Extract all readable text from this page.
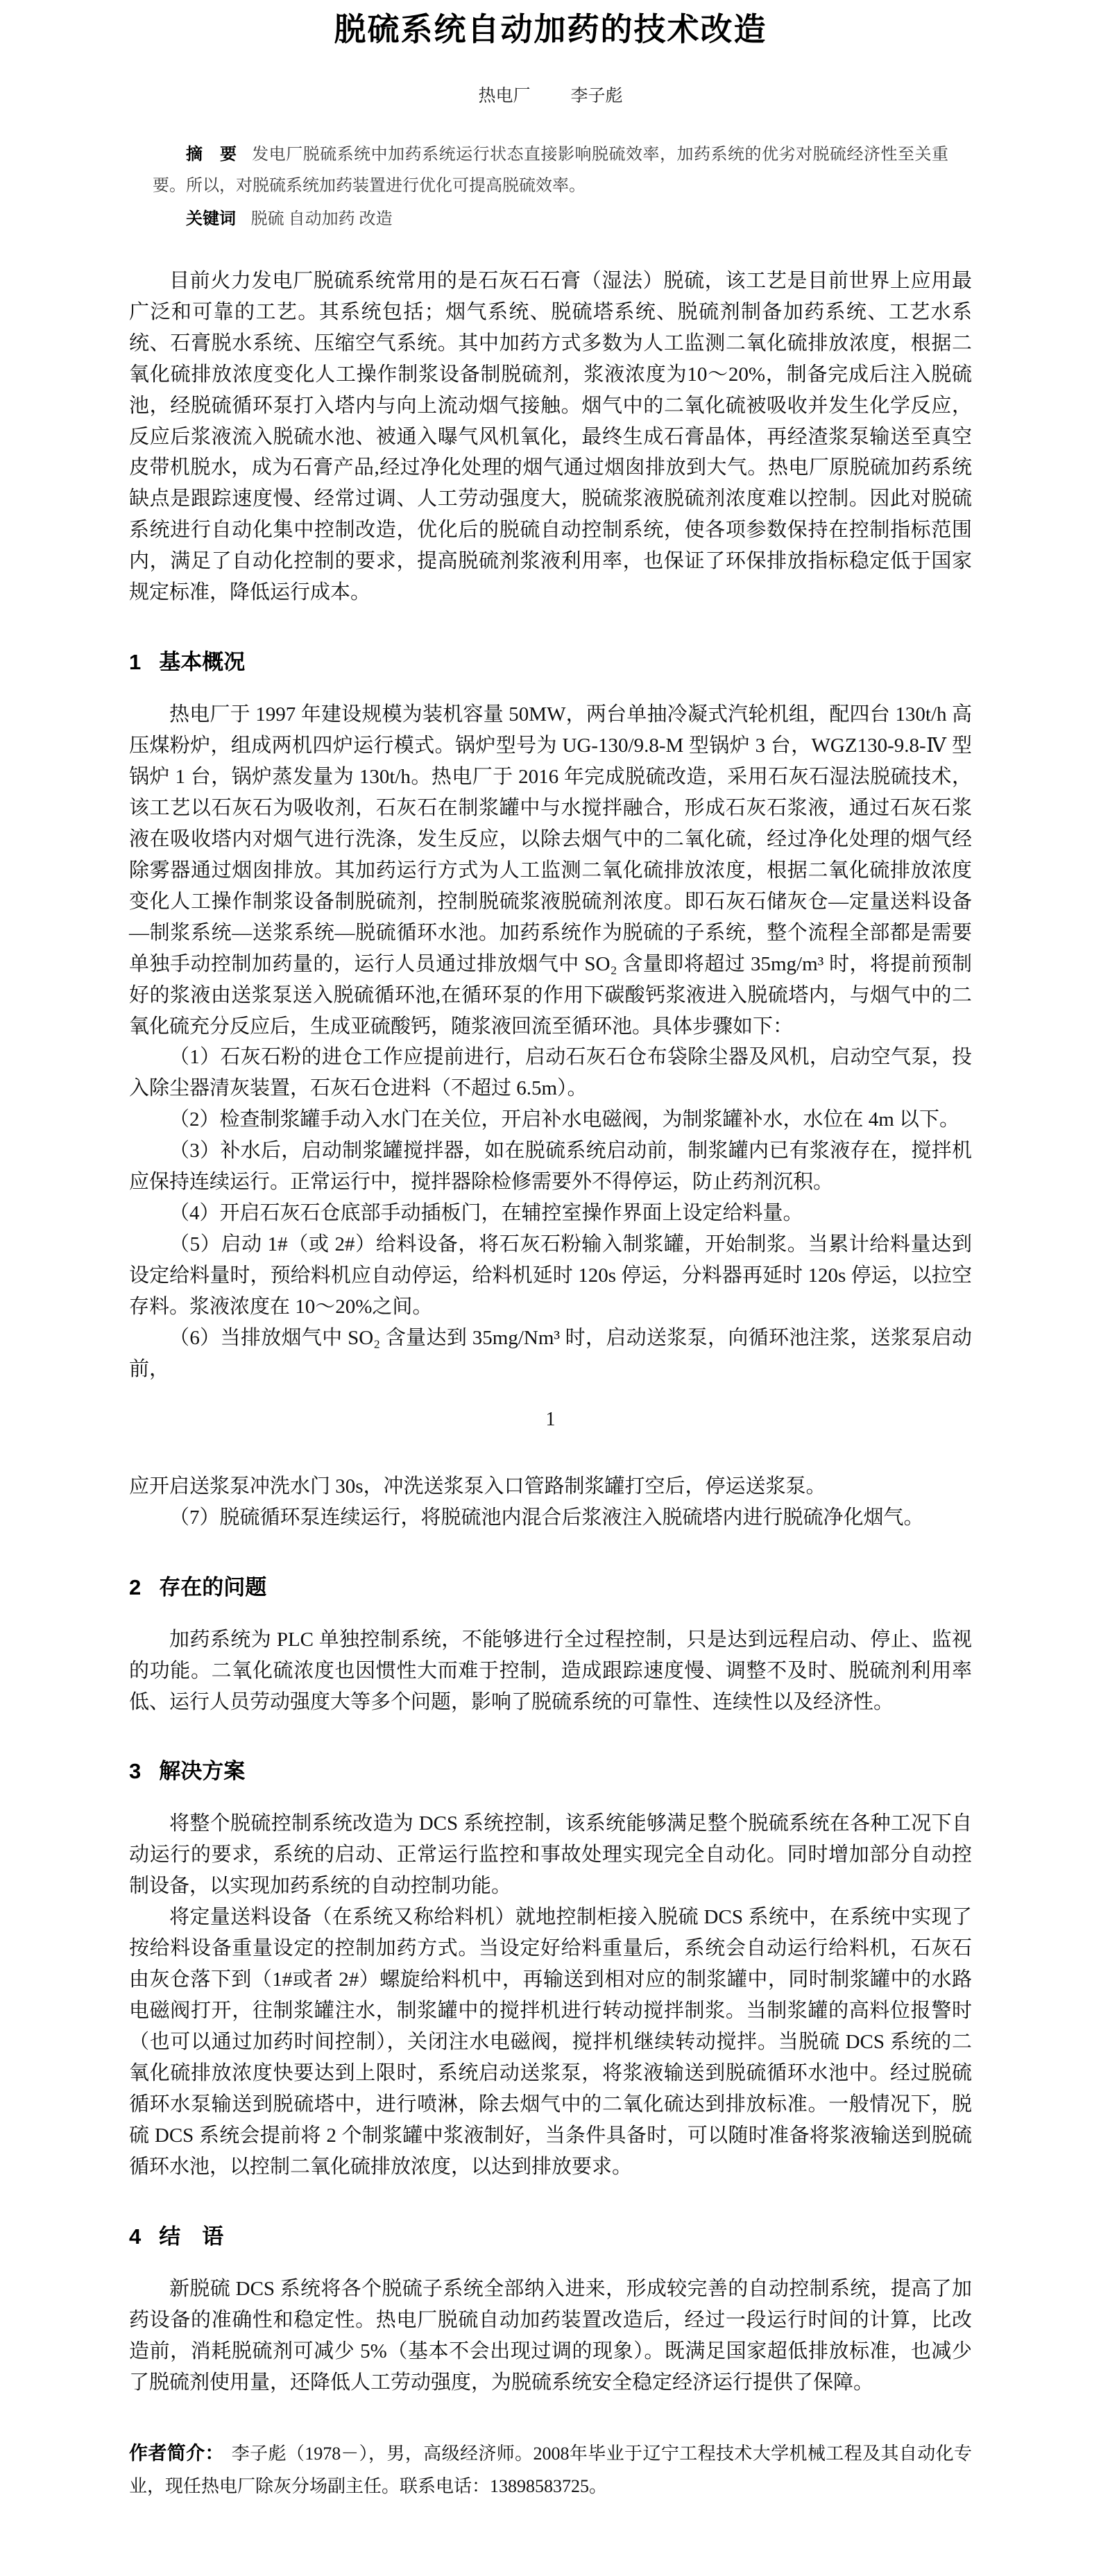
脱硫系统自动加药的技术改造
热电厂 李子彪

摘　要 发电厂脱硫系统中加药系统运行状态直接影响脱硫效率，加药系统的优劣对脱硫经济性至关重要。所以，对脱硫系统加药装置进行优化可提高脱硫效率。

关键词 脱硫 自动加药 改造

目前火力发电厂脱硫系统常用的是石灰石石膏（湿法）脱硫，该工艺是目前世界上应用最广泛和可靠的工艺。其系统包括；烟气系统、脱硫塔系统、脱硫剂制备加药系统、工艺水系统、石膏脱水系统、压缩空气系统。其中加药方式多数为人工监测二氧化硫排放浓度，根据二氧化硫排放浓度变化人工操作制浆设备制脱硫剂，浆液浓度为10～20%，制备完成后注入脱硫池，经脱硫循环泵打入塔内与向上流动烟气接触。烟气中的二氧化硫被吸收并发生化学反应，反应后浆液流入脱硫水池、被通入曝气风机氧化，最终生成石膏晶体，再经渣浆泵输送至真空皮带机脱水，成为石膏产品,经过净化处理的烟气通过烟囱排放到大气。热电厂原脱硫加药系统缺点是跟踪速度慢、经常过调、人工劳动强度大，脱硫浆液脱硫剂浓度难以控制。因此对脱硫系统进行自动化集中控制改造，优化后的脱硫自动控制系统，使各项参数保持在控制指标范围内，满足了自动化控制的要求，提高脱硫剂浆液利用率，也保证了环保排放指标稳定低于国家规定标准，降低运行成本。

1 基本概况

热电厂于 1997 年建设规模为装机容量 50MW，两台单抽冷凝式汽轮机组，配四台 130t/h 高压煤粉炉，组成两机四炉运行模式。锅炉型号为 UG-130/9.8-M 型锅炉 3 台，WGZ130-9.8-Ⅳ 型锅炉 1 台，锅炉蒸发量为 130t/h。热电厂于 2016 年完成脱硫改造，采用石灰石湿法脱硫技术，该工艺以石灰石为吸收剂，石灰石在制浆罐中与水搅拌融合，形成石灰石浆液，通过石灰石浆液在吸收塔内对烟气进行洗涤，发生反应，以除去烟气中的二氧化硫，经过净化处理的烟气经除雾器通过烟囱排放。其加药运行方式为人工监测二氧化硫排放浓度，根据二氧化硫排放浓度变化人工操作制浆设备制脱硫剂，控制脱硫浆液脱硫剂浓度。即石灰石储灰仓—定量送料设备—制浆系统—送浆系统—脱硫循环水池。加药系统作为脱硫的子系统，整个流程全部都是需要单独手动控制加药量的，运行人员通过排放烟气中 SO₂ 含量即将超过 35mg/m³ 时，将提前预制好的浆液由送浆泵送入脱硫循环池,在循环泵的作用下碳酸钙浆液进入脱硫塔内，与烟气中的二氧化硫充分反应后，生成亚硫酸钙，随浆液回流至循环池。具体步骤如下：

（1）石灰石粉的进仓工作应提前进行，启动石灰石仓布袋除尘器及风机，启动空气泵，投入除尘器清灰装置，石灰石仓进料（不超过 6.5m）。

（2）检查制浆罐手动入水门在关位，开启补水电磁阀，为制浆罐补水，水位在 4m 以下。

（3）补水后，启动制浆罐搅拌器，如在脱硫系统启动前，制浆罐内已有浆液存在，搅拌机应保持连续运行。正常运行中，搅拌器除检修需要外不得停运，防止药剂沉积。

（4）开启石灰石仓底部手动插板门，在辅控室操作界面上设定给料量。

（5）启动 1#（或 2#）给料设备，将石灰石粉输入制浆罐，开始制浆。当累计给料量达到设定给料量时，预给料机应自动停运，给料机延时 120s 停运，分料器再延时 120s 停运，以拉空存料。浆液浓度在 10～20%之间。

（6）当排放烟气中 SO₂ 含量达到 35mg/Nm³ 时，启动送浆泵，向循环池注浆，送浆泵启动前，

1

应开启送浆泵冲洗水门 30s，冲洗送浆泵入口管路制浆罐打空后，停运送浆泵。

（7）脱硫循环泵连续运行，将脱硫池内混合后浆液注入脱硫塔内进行脱硫净化烟气。

2 存在的问题

加药系统为 PLC 单独控制系统，不能够进行全过程控制，只是达到远程启动、停止、监视的功能。二氧化硫浓度也因惯性大而难于控制，造成跟踪速度慢、调整不及时、脱硫剂利用率低、运行人员劳动强度大等多个问题，影响了脱硫系统的可靠性、连续性以及经济性。

3 解决方案

将整个脱硫控制系统改造为 DCS 系统控制，该系统能够满足整个脱硫系统在各种工况下自动运行的要求，系统的启动、正常运行监控和事故处理实现完全自动化。同时增加部分自动控制设备，以实现加药系统的自动控制功能。

将定量送料设备（在系统又称给料机）就地控制柜接入脱硫 DCS 系统中，在系统中实现了按给料设备重量设定的控制加药方式。当设定好给料重量后，系统会自动运行给料机，石灰石由灰仓落下到（1#或者 2#）螺旋给料机中，再输送到相对应的制浆罐中，同时制浆罐中的水路电磁阀打开，往制浆罐注水，制浆罐中的搅拌机进行转动搅拌制浆。当制浆罐的高料位报警时（也可以通过加药时间控制），关闭注水电磁阀，搅拌机继续转动搅拌。当脱硫 DCS 系统的二氧化硫排放浓度快要达到上限时，系统启动送浆泵，将浆液输送到脱硫循环水池中。经过脱硫循环水泵输送到脱硫塔中，进行喷淋，除去烟气中的二氧化硫达到排放标准。一般情况下，脱硫 DCS 系统会提前将 2 个制浆罐中浆液制好，当条件具备时，可以随时准备将浆液输送到脱硫循环水池，以控制二氧化硫排放浓度，以达到排放要求。

4 结　语

新脱硫 DCS 系统将各个脱硫子系统全部纳入进来，形成较完善的自动控制系统，提高了加药设备的准确性和稳定性。热电厂脱硫自动加药装置改造后，经过一段运行时间的计算，比改造前，消耗脱硫剂可减少 5%（基本不会出现过调的现象）。既满足国家超低排放标准，也减少了脱硫剂使用量，还降低人工劳动强度，为脱硫系统安全稳定经济运行提供了保障。

作者简介： 李子彪（1978－），男，高级经济师。2008年毕业于辽宁工程技术大学机械工程及其自动化专业，现任热电厂除灰分场副主任。联系电话：13898583725。
